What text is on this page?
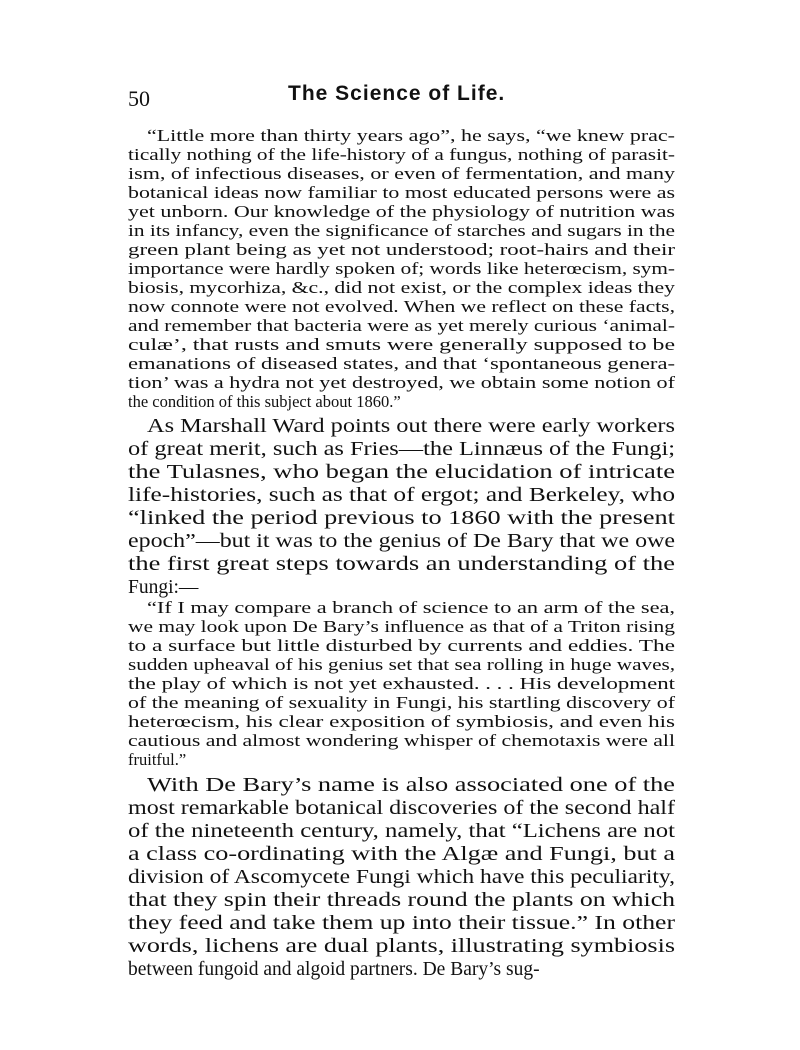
50	The Science of Life.
“Little more than thirty years ago”, he says, “we knew prac-
tically nothing of the life-history of a fungus, nothing of parasit-
ism, of infectious diseases, or even of fermentation, and many
botanical ideas now familiar to most educated persons were as
yet unborn. Our knowledge of the physiology of nutrition was
in its infancy, even the significance of starches and sugars in the
green plant being as yet not understood; root-hairs and their
importance were hardly spoken of; words like heterœcism, sym-
biosis, mycorhiza, &c., did not exist, or the complex ideas they
now connote were not evolved. When we reflect on these facts,
and remember that bacteria were as yet merely curious ‘animal-
culæ’, that rusts and smuts were generally supposed to be
emanations of diseased states, and that ‘spontaneous genera-
tion’ was a hydra not yet destroyed, we obtain some notion of
the condition of this subject about 1860.”
As Marshall Ward points out there were early workers
of great merit, such as Fries—the Linnæus of the Fungi;
the Tulasnes, who began the elucidation of intricate
life-histories, such as that of ergot; and Berkeley, who
“linked the period previous to 1860 with the present
epoch”—but it was to the genius of De Bary that we owe
the first great steps towards an understanding of the
Fungi:—
“If I may compare a branch of science to an arm of the sea,
we may look upon De Bary’s influence as that of a Triton rising
to a surface but little disturbed by currents and eddies. The
sudden upheaval of his genius set that sea rolling in huge waves,
the play of which is not yet exhausted. . . . His development
of the meaning of sexuality in Fungi, his startling discovery of
heterœcism, his clear exposition of symbiosis, and even his
cautious and almost wondering whisper of chemotaxis were all
fruitful.”
With De Bary’s name is also associated one of the
most remarkable botanical discoveries of the second half
of the nineteenth century, namely, that “Lichens are not
a class co-ordinating with the Algæ and Fungi, but a
division of Ascomycete Fungi which have this peculiarity,
that they spin their threads round the plants on which
they feed and take them up into their tissue.” In other
words, lichens are dual plants, illustrating symbiosis
between fungoid and algoid partners. De Bary’s sug-
